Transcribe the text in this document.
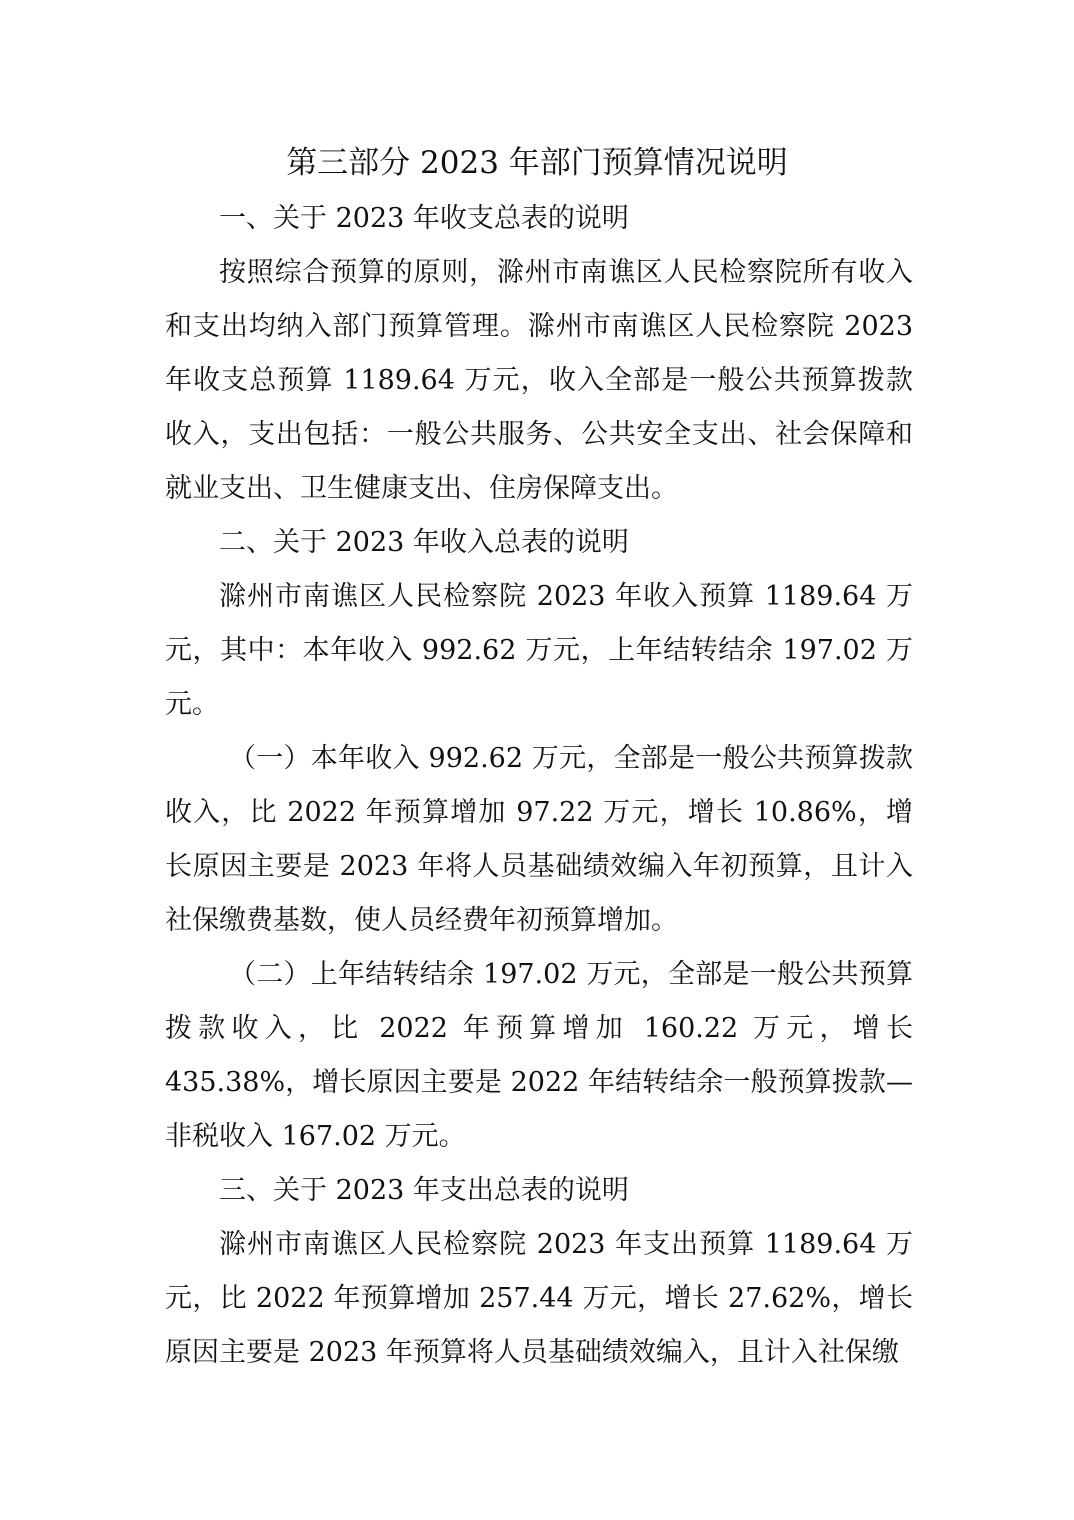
第三部分 2023 年部门预算情况说明

一、关于 2023 年收支总表的说明

按照综合预算的原则，滁州市南谯区人民检察院所有收入和支出均纳入部门预算管理。滁州市南谯区人民检察院 2023 年收支总预算 1189.64 万元，收入全部是一般公共预算拨款收入，支出包括：一般公共服务、公共安全支出、社会保障和就业支出、卫生健康支出、住房保障支出。

二、关于 2023 年收入总表的说明

滁州市南谯区人民检察院 2023 年收入预算 1189.64 万元，其中：本年收入 992.62 万元，上年结转结余 197.02 万元。

（一）本年收入 992.62 万元，全部是一般公共预算拨款收入，比 2022 年预算增加 97.22 万元，增长 10.86%，增长原因主要是 2023 年将人员基础绩效编入年初预算，且计入社保缴费基数，使人员经费年初预算增加。

（二）上年结转结余 197.02 万元，全部是一般公共预算拨款收入，比 2022 年预算增加 160.22 万元，增长 435.38%，增长原因主要是 2022 年结转结余一般预算拨款—非税收入 167.02 万元。

三、关于 2023 年支出总表的说明

滁州市南谯区人民检察院 2023 年支出预算 1189.64 万元，比 2022 年预算增加 257.44 万元，增长 27.62%，增长原因主要是 2023 年预算将人员基础绩效编入，且计入社保缴
